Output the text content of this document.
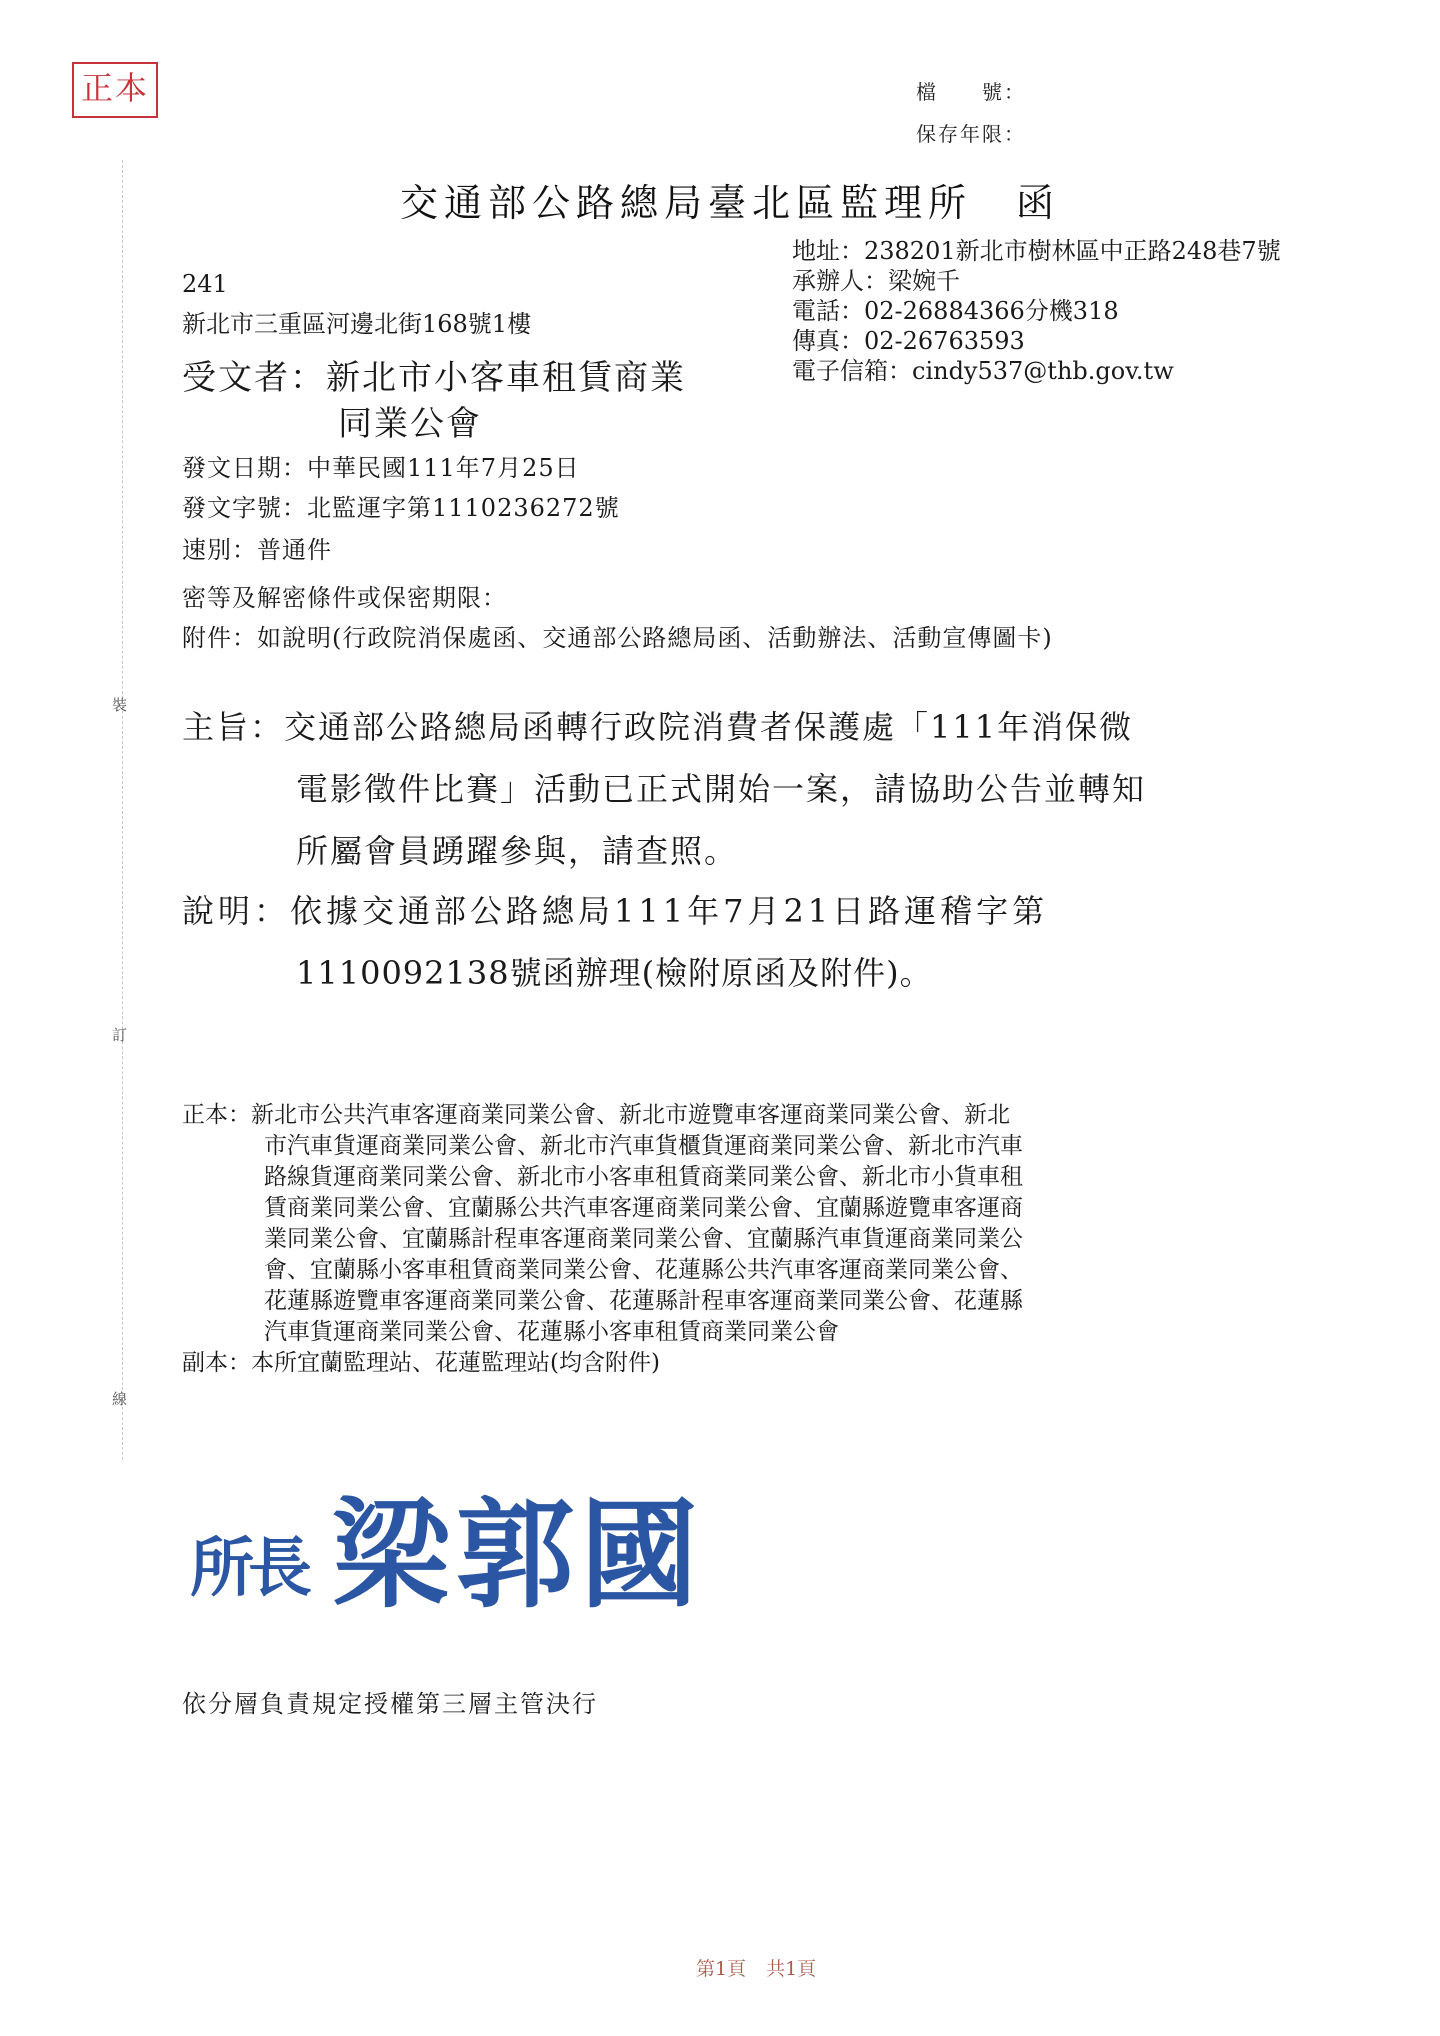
正本	檔　　號：
保存年限：
交通部公路總局臺北區監理所　函
地址：238201新北市樹林區中正路248巷7號
承辦人：梁婉千
電話：02-26884366分機318
傳真：02-26763593
電子信箱：cindy537@thb.gov.tw
241
新北市三重區河邊北街168號1樓
受文者：新北市小客車租賃商業
同業公會
發文日期：中華民國111年7月25日
發文字號：北監運字第1110236272號
速別：普通件
密等及解密條件或保密期限：
附件：如說明(行政院消保處函、交通部公路總局函、活動辦法、活動宣傳圖卡)
主旨：交通部公路總局函轉行政院消費者保護處「111年消保微
電影徵件比賽」活動已正式開始一案，請協助公告並轉知
所屬會員踴躍參與，請查照。
說明：依據交通部公路總局111年7月21日路運稽字第
1110092138號函辦理(檢附原函及附件)。
正本：新北市公共汽車客運商業同業公會、新北市遊覽車客運商業同業公會、新北
市汽車貨運商業同業公會、新北市汽車貨櫃貨運商業同業公會、新北市汽車
路線貨運商業同業公會、新北市小客車租賃商業同業公會、新北市小貨車租
賃商業同業公會、宜蘭縣公共汽車客運商業同業公會、宜蘭縣遊覽車客運商
業同業公會、宜蘭縣計程車客運商業同業公會、宜蘭縣汽車貨運商業同業公
會、宜蘭縣小客車租賃商業同業公會、花蓮縣公共汽車客運商業同業公會、
花蓮縣遊覽車客運商業同業公會、花蓮縣計程車客運商業同業公會、花蓮縣
汽車貨運商業同業公會、花蓮縣小客車租賃商業同業公會
副本：本所宜蘭監理站、花蓮監理站(均含附件)
所長 梁郭國
依分層負責規定授權第三層主管決行
裝
訂
線
第1頁 共1頁
